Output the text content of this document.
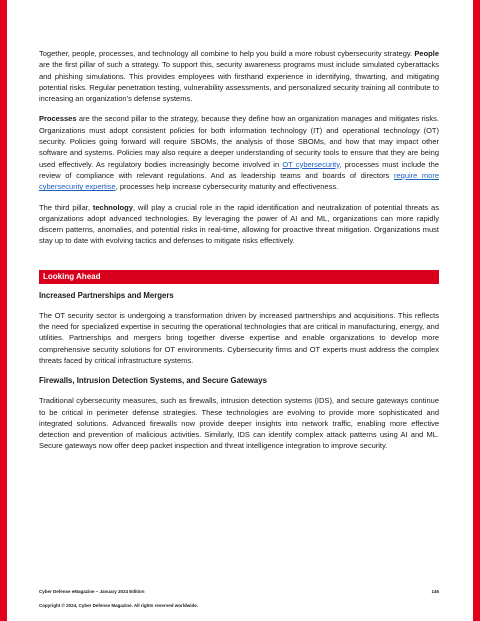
Together, people, processes, and technology all combine to help you build a more robust cybersecurity strategy. People are the first pillar of such a strategy. To support this, security awareness programs must include simulated cyberattacks and phishing simulations. This provides employees with firsthand experience in identifying, thwarting, and mitigating potential risks. Regular penetration testing, vulnerability assessments, and personalized security training all contribute to increasing an organization’s defense systems.

Processes are the second pillar to the strategy, because they define how an organization manages and mitigates risks. Organizations must adopt consistent policies for both information technology (IT) and operational technology (OT) security. Policies going forward will require SBOMs, the analysis of those SBOMs, and how that may impact other software and systems. Policies may also require a deeper understanding of security tools to ensure that they are being used effectively. As regulatory bodies increasingly become involved in OT cybersecurity, processes must include the review of compliance with relevant regulations. And as leadership teams and boards of directors require more cybersecurity expertise, processes help increase cybersecurity maturity and effectiveness.

The third pillar, technology, will play a crucial role in the rapid identification and neutralization of potential threats as organizations adopt advanced technologies. By leveraging the power of AI and ML, organizations can more rapidly discern patterns, anomalies, and potential risks in real-time, allowing for proactive threat mitigation. Organizations must stay up to date with evolving tactics and defenses to mitigate risks effectively.

Looking Ahead
Increased Partnerships and Mergers

The OT security sector is undergoing a transformation driven by increased partnerships and acquisitions. This reflects the need for specialized expertise in securing the operational technologies that are critical in manufacturing, energy, and utilities. Partnerships and mergers bring together diverse expertise and enable organizations to develop more comprehensive security solutions for OT environments. Cybersecurity firms and OT experts must address the complex threats faced by critical infrastructure systems.

Firewalls, Intrusion Detection Systems, and Secure Gateways

Traditional cybersecurity measures, such as firewalls, intrusion detection systems (IDS), and secure gateways continue to be critical in perimeter defense strategies. These technologies are evolving to provide more sophisticated and integrated solutions. Advanced firewalls now provide deeper insights into network traffic, enabling more effective detection and prevention of malicious activities. Similarly, IDS can identify complex attack patterns using AI and ML. Secure gateways now offer deep packet inspection and threat intelligence integration to improve security.

Cyber Defense eMagazine – January 2024 Edition	146
Copyright © 2024, Cyber Defense Magazine. All rights reserved worldwide.
